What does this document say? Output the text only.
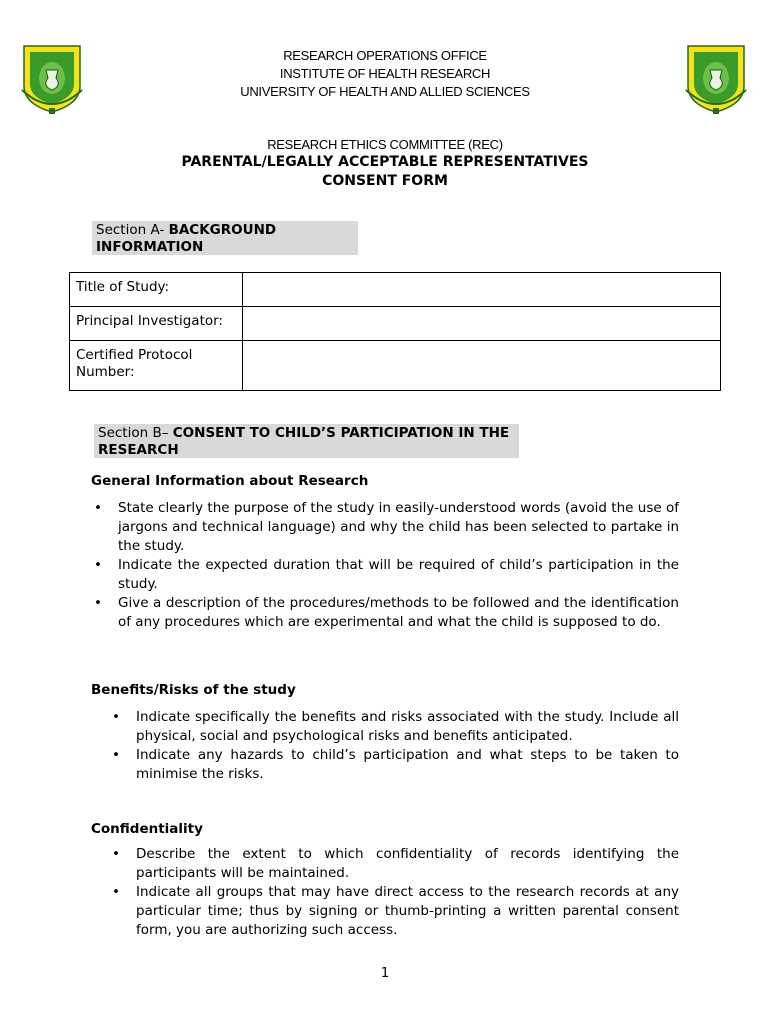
RESEARCH OPERATIONS OFFICE
INSTITUTE OF HEALTH RESEARCH
UNIVERSITY OF HEALTH AND ALLIED SCIENCES
RESEARCH ETHICS COMMITTEE (REC)
PARENTAL/LEGALLY ACCEPTABLE REPRESENTATIVES
CONSENT FORM
Section A- BACKGROUND INFORMATION
Title of Study:	
Principal Investigator:	
Certified Protocol Number:	
Section B– CONSENT TO CHILD’S PARTICIPATION IN THE RESEARCH
General Information about Research
• State clearly the purpose of the study in easily-understood words (avoid the use of jargons and technical language) and why the child has been selected to partake in the study.
• Indicate the expected duration that will be required of child’s participation in the study.
• Give a description of the procedures/methods to be followed and the identification of any procedures which are experimental and what the child is supposed to do.
Benefits/Risks of the study
• Indicate specifically the benefits and risks associated with the study. Include all physical, social and psychological risks and benefits anticipated.
• Indicate any hazards to child’s participation and what steps to be taken to minimise the risks.
Confidentiality
• Describe the extent to which confidentiality of records identifying the participants will be maintained.
• Indicate all groups that may have direct access to the research records at any particular time; thus by signing or thumb-printing a written parental consent form, you are authorizing such access.
1
